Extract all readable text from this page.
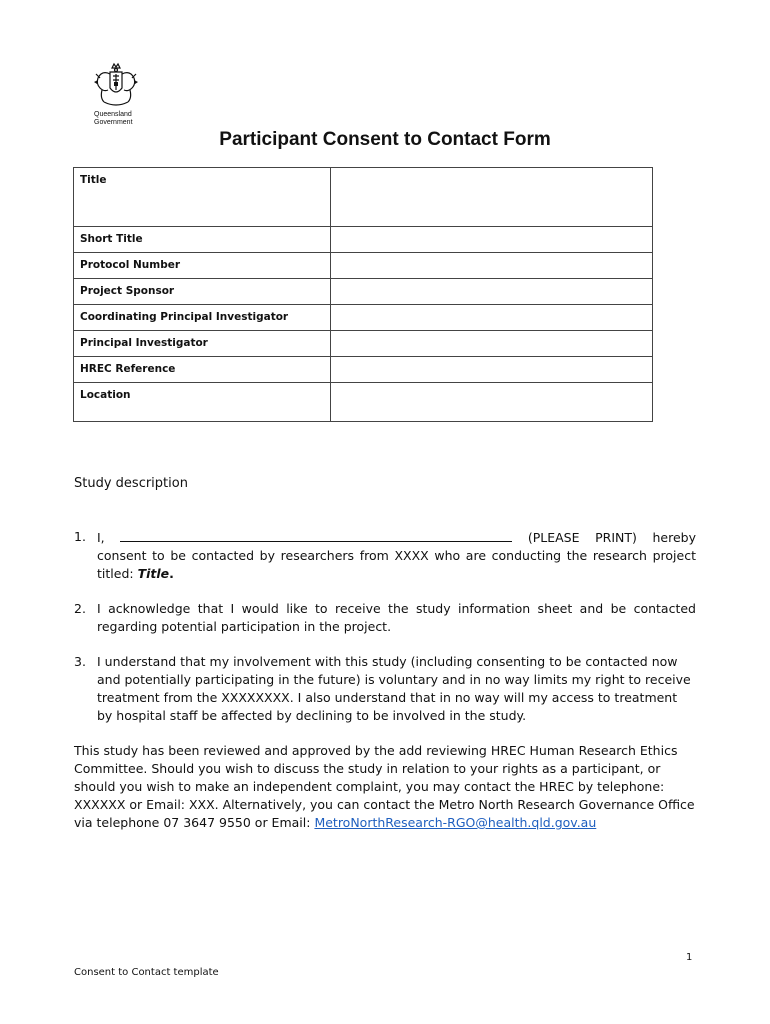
Queensland
Government
Participant Consent to Contact Form
Title	
Short Title	
Protocol Number	
Project Sponsor	
Coordinating Principal Investigator	
Principal Investigator	
HREC Reference	
Location	

Study description

1. I,	(PLEASE PRINT) hereby consent to be contacted by researchers from XXXX who are conducting the research project titled: Title.
2. I acknowledge that I would like to receive the study information sheet and be contacted regarding potential participation in the project.
3. I understand that my involvement with this study (including consenting to be contacted now and potentially participating in the future) is voluntary and in no way limits my right to receive treatment from the XXXXXXXX. I also understand that in no way will my access to treatment by hospital staff be affected by declining to be involved in the study.

This study has been reviewed and approved by the add reviewing HREC Human Research Ethics Committee. Should you wish to discuss the study in relation to your rights as a participant, or should you wish to make an independent complaint, you may contact the HREC by telephone: XXXXXX or Email: XXX. Alternatively, you can contact the Metro North Research Governance Office via telephone 07 3647 9550 or Email: MetroNorthResearch-RGO@health.qld.gov.au

1
Consent to Contact template
